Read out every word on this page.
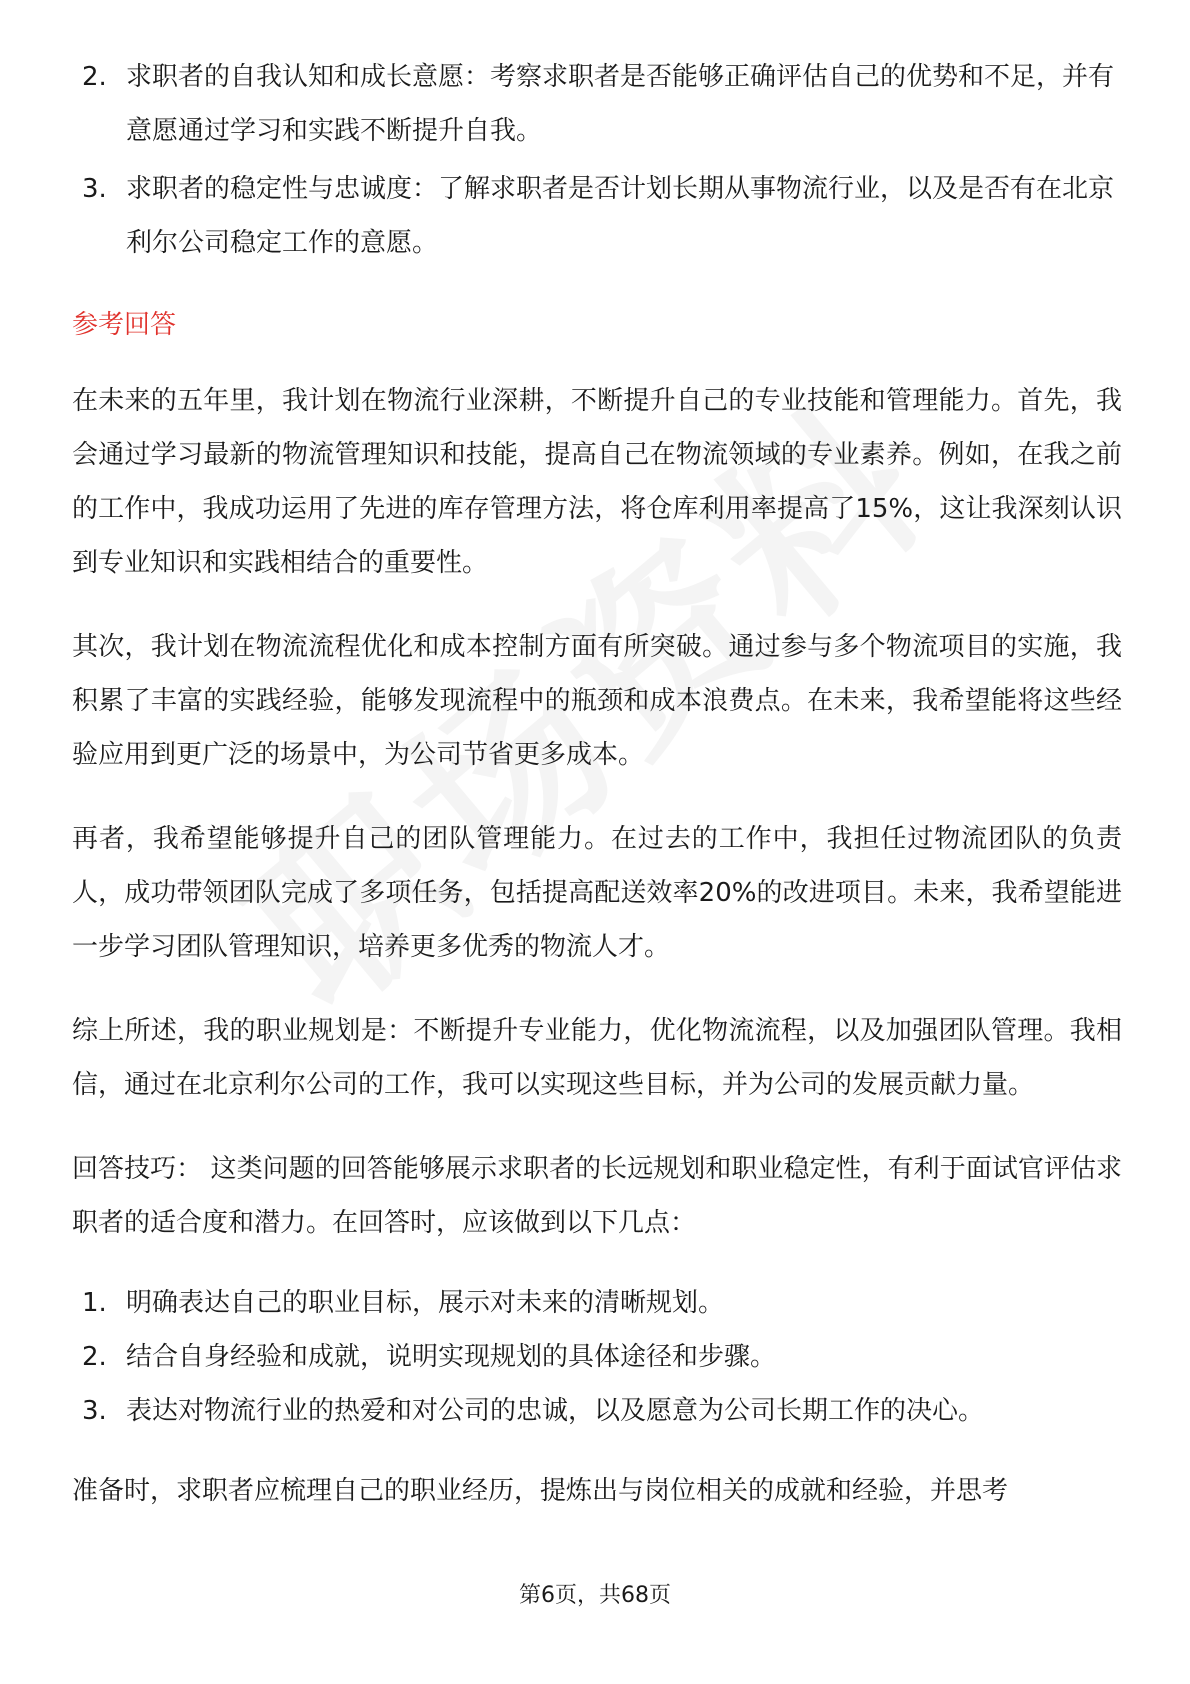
2. 求职者的自我认知和成长意愿：考察求职者是否能够正确评估自己的优势和不足，并有意愿通过学习和实践不断提升自我。
3. 求职者的稳定性与忠诚度：了解求职者是否计划长期从事物流行业，以及是否有在北京利尔公司稳定工作的意愿。
参考回答

在未来的五年里，我计划在物流行业深耕，不断提升自己的专业技能和管理能力。首先，我会通过学习最新的物流管理知识和技能，提高自己在物流领域的专业素养。例如，在我之前的工作中，我成功运用了先进的库存管理方法，将仓库利用率提高了15%，这让我深刻认识到专业知识和实践相结合的重要性。

其次，我计划在物流流程优化和成本控制方面有所突破。通过参与多个物流项目的实施，我积累了丰富的实践经验，能够发现流程中的瓶颈和成本浪费点。在未来，我希望能将这些经验应用到更广泛的场景中，为公司节省更多成本。

再者，我希望能够提升自己的团队管理能力。在过去的工作中，我担任过物流团队的负责人，成功带领团队完成了多项任务，包括提高配送效率20%的改进项目。未来，我希望能进一步学习团队管理知识，培养更多优秀的物流人才。

综上所述，我的职业规划是：不断提升专业能力，优化物流流程，以及加强团队管理。我相信，通过在北京利尔公司的工作，我可以实现这些目标，并为公司的发展贡献力量。

回答技巧： 这类问题的回答能够展示求职者的长远规划和职业稳定性，有利于面试官评估求职者的适合度和潜力。在回答时，应该做到以下几点：

1. 明确表达自己的职业目标，展示对未来的清晰规划。
2. 结合自身经验和成就，说明实现规划的具体途径和步骤。
3. 表达对物流行业的热爱和对公司的忠诚，以及愿意为公司长期工作的决心。

准备时，求职者应梳理自己的职业经历，提炼出与岗位相关的成就和经验，并思考

第6页，共68页
